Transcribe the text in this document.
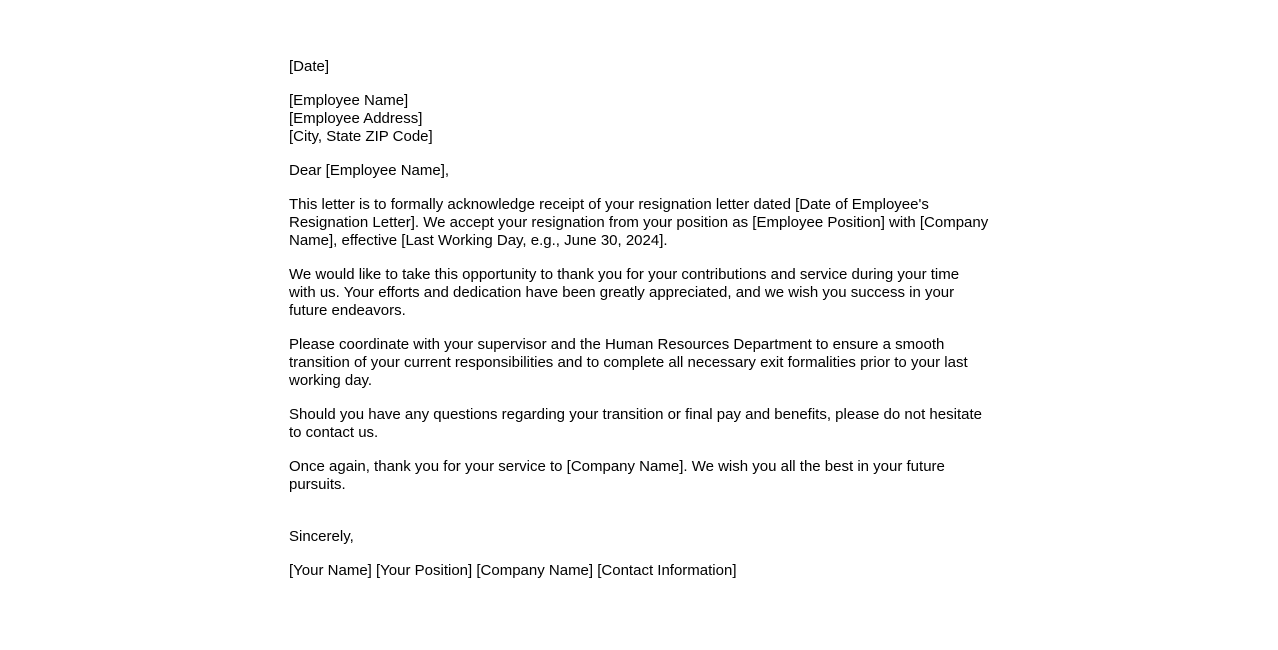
[Date]
[Employee Name]
[Employee Address]
[City, State ZIP Code]
Dear [Employee Name],

This letter is to formally acknowledge receipt of your resignation letter dated [Date of Employee's Resignation Letter]. We accept your resignation from your position as [Employee Position] with [Company Name], effective [Last Working Day, e.g., June 30, 2024].

We would like to take this opportunity to thank you for your contributions and service during your time with us. Your efforts and dedication have been greatly appreciated, and we wish you success in your future endeavors.

Please coordinate with your supervisor and the Human Resources Department to ensure a smooth transition of your current responsibilities and to complete all necessary exit formalities prior to your last working day.

Should you have any questions regarding your transition or final pay and benefits, please do not hesitate to contact us.

Once again, thank you for your service to [Company Name]. We wish you all the best in your future pursuits.

Sincerely,
[Your Name] [Your Position] [Company Name] [Contact Information]
